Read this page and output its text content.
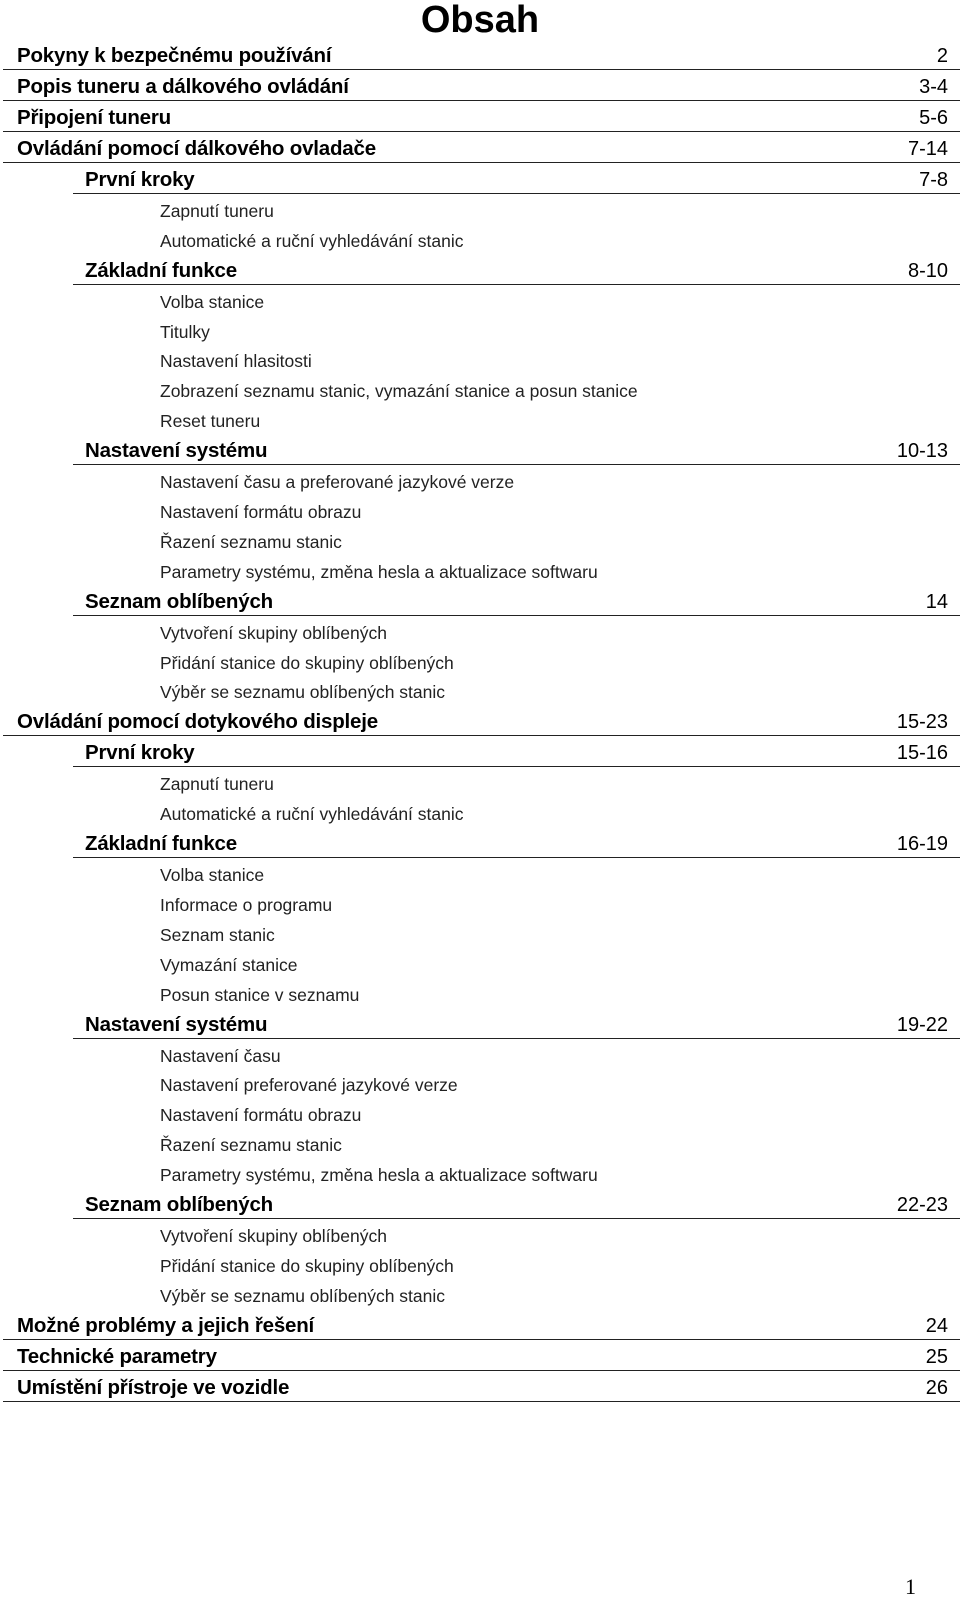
Obsah
Pokyny k bezpečnému používání	2
Popis tuneru a dálkového ovládání	3-4
Připojení tuneru	5-6
Ovládání pomocí dálkového ovladače	7-14
První kroky	7-8
Zapnutí tuneru
Automatické a ruční vyhledávání stanic
Základní funkce	8-10
Volba stanice
Titulky
Nastavení hlasitosti
Zobrazení seznamu stanic, vymazání stanice a posun stanice
Reset tuneru
Nastavení systému	10-13
Nastavení času a preferované jazykové verze
Nastavení formátu obrazu
Řazení seznamu stanic
Parametry systému, změna hesla a aktualizace softwaru
Seznam oblíbených	14
Vytvoření skupiny oblíbených
Přidání stanice do skupiny oblíbených
Výběr se seznamu oblíbených stanic
Ovládání pomocí dotykového displeje	15-23
První kroky	15-16
Zapnutí tuneru
Automatické a ruční vyhledávání stanic
Základní funkce	16-19
Volba stanice
Informace o programu
Seznam stanic
Vymazání stanice
Posun stanice v seznamu
Nastavení systému	19-22
Nastavení času
Nastavení preferované jazykové verze
Nastavení formátu obrazu
Řazení seznamu stanic
Parametry systému, změna hesla a aktualizace softwaru
Seznam oblíbených	22-23
Vytvoření skupiny oblíbených
Přidání stanice do skupiny oblíbených
Výběr se seznamu oblíbených stanic
Možné problémy a jejich řešení	24
Technické parametry	25
Umístění přístroje ve vozidle	26
1
